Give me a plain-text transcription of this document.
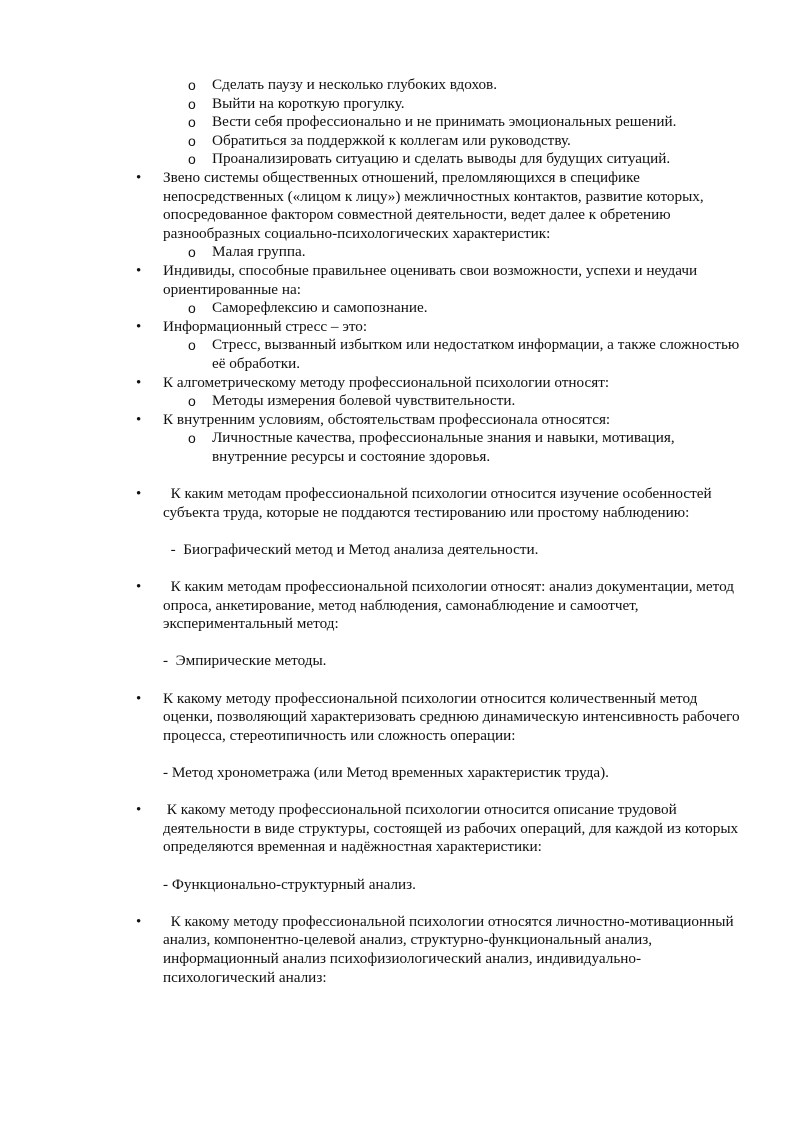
o Сделать паузу и несколько глубоких вдохов.
o Выйти на короткую прогулку.
o Вести себя профессионально и не принимать эмоциональных решений.
o Обратиться за поддержкой к коллегам или руководству.
o Проанализировать ситуацию и сделать выводы для будущих ситуаций.
• Звено системы общественных отношений, преломляющихся в специфике непосредственных («лицом к лицу») межличностных контактов, развитие которых, опосредованное фактором совместной деятельности, ведет далее к обретению разнообразных социально-психологических характеристик:
o Малая группа.
• Индивиды, способные правильнее оценивать свои возможности, успехи и неудачи ориентированные на:
o Саморефлексию и самопознание.
• Информационный стресс – это:
o Стресс, вызванный избытком или недостатком информации, а также сложностью её обработки.
• К алгометрическому методу профессиональной психологии относят:
o Методы измерения болевой чувствительности.
• К внутренним условиям, обстоятельствам профессионала относятся:
o Личностные качества, профессиональные знания и навыки, мотивация, внутренние ресурсы и состояние здоровья.
• К каким методам профессиональной психологии относится изучение особенностей субъекта труда, которые не поддаются тестированию или простому наблюдению:
-  Биографический метод и Метод анализа деятельности.
• К каким методам профессиональной психологии относят: анализ документации, метод опроса, анкетирование, метод наблюдения, самонаблюдение и самоотчет, экспериментальный метод:
-  Эмпирические методы.
• К какому методу профессиональной психологии относится количественный метод оценки, позволяющий характеризовать среднюю динамическую интенсивность рабочего процесса, стереотипичность или сложность операции:
- Метод хронометража (или Метод временных характеристик труда).
• К какому методу профессиональной психологии относится описание трудовой деятельности в виде структуры, состоящей из рабочих операций, для каждой из которых определяются временная и надёжностная характеристики:
- Функционально-структурный анализ.
• К какому методу профессиональной психологии относятся личностно-мотивационный анализ, компонентно-целевой анализ, структурно-функциональный анализ, информационный анализ психофизиологический анализ, индивидуально-психологический анализ:
